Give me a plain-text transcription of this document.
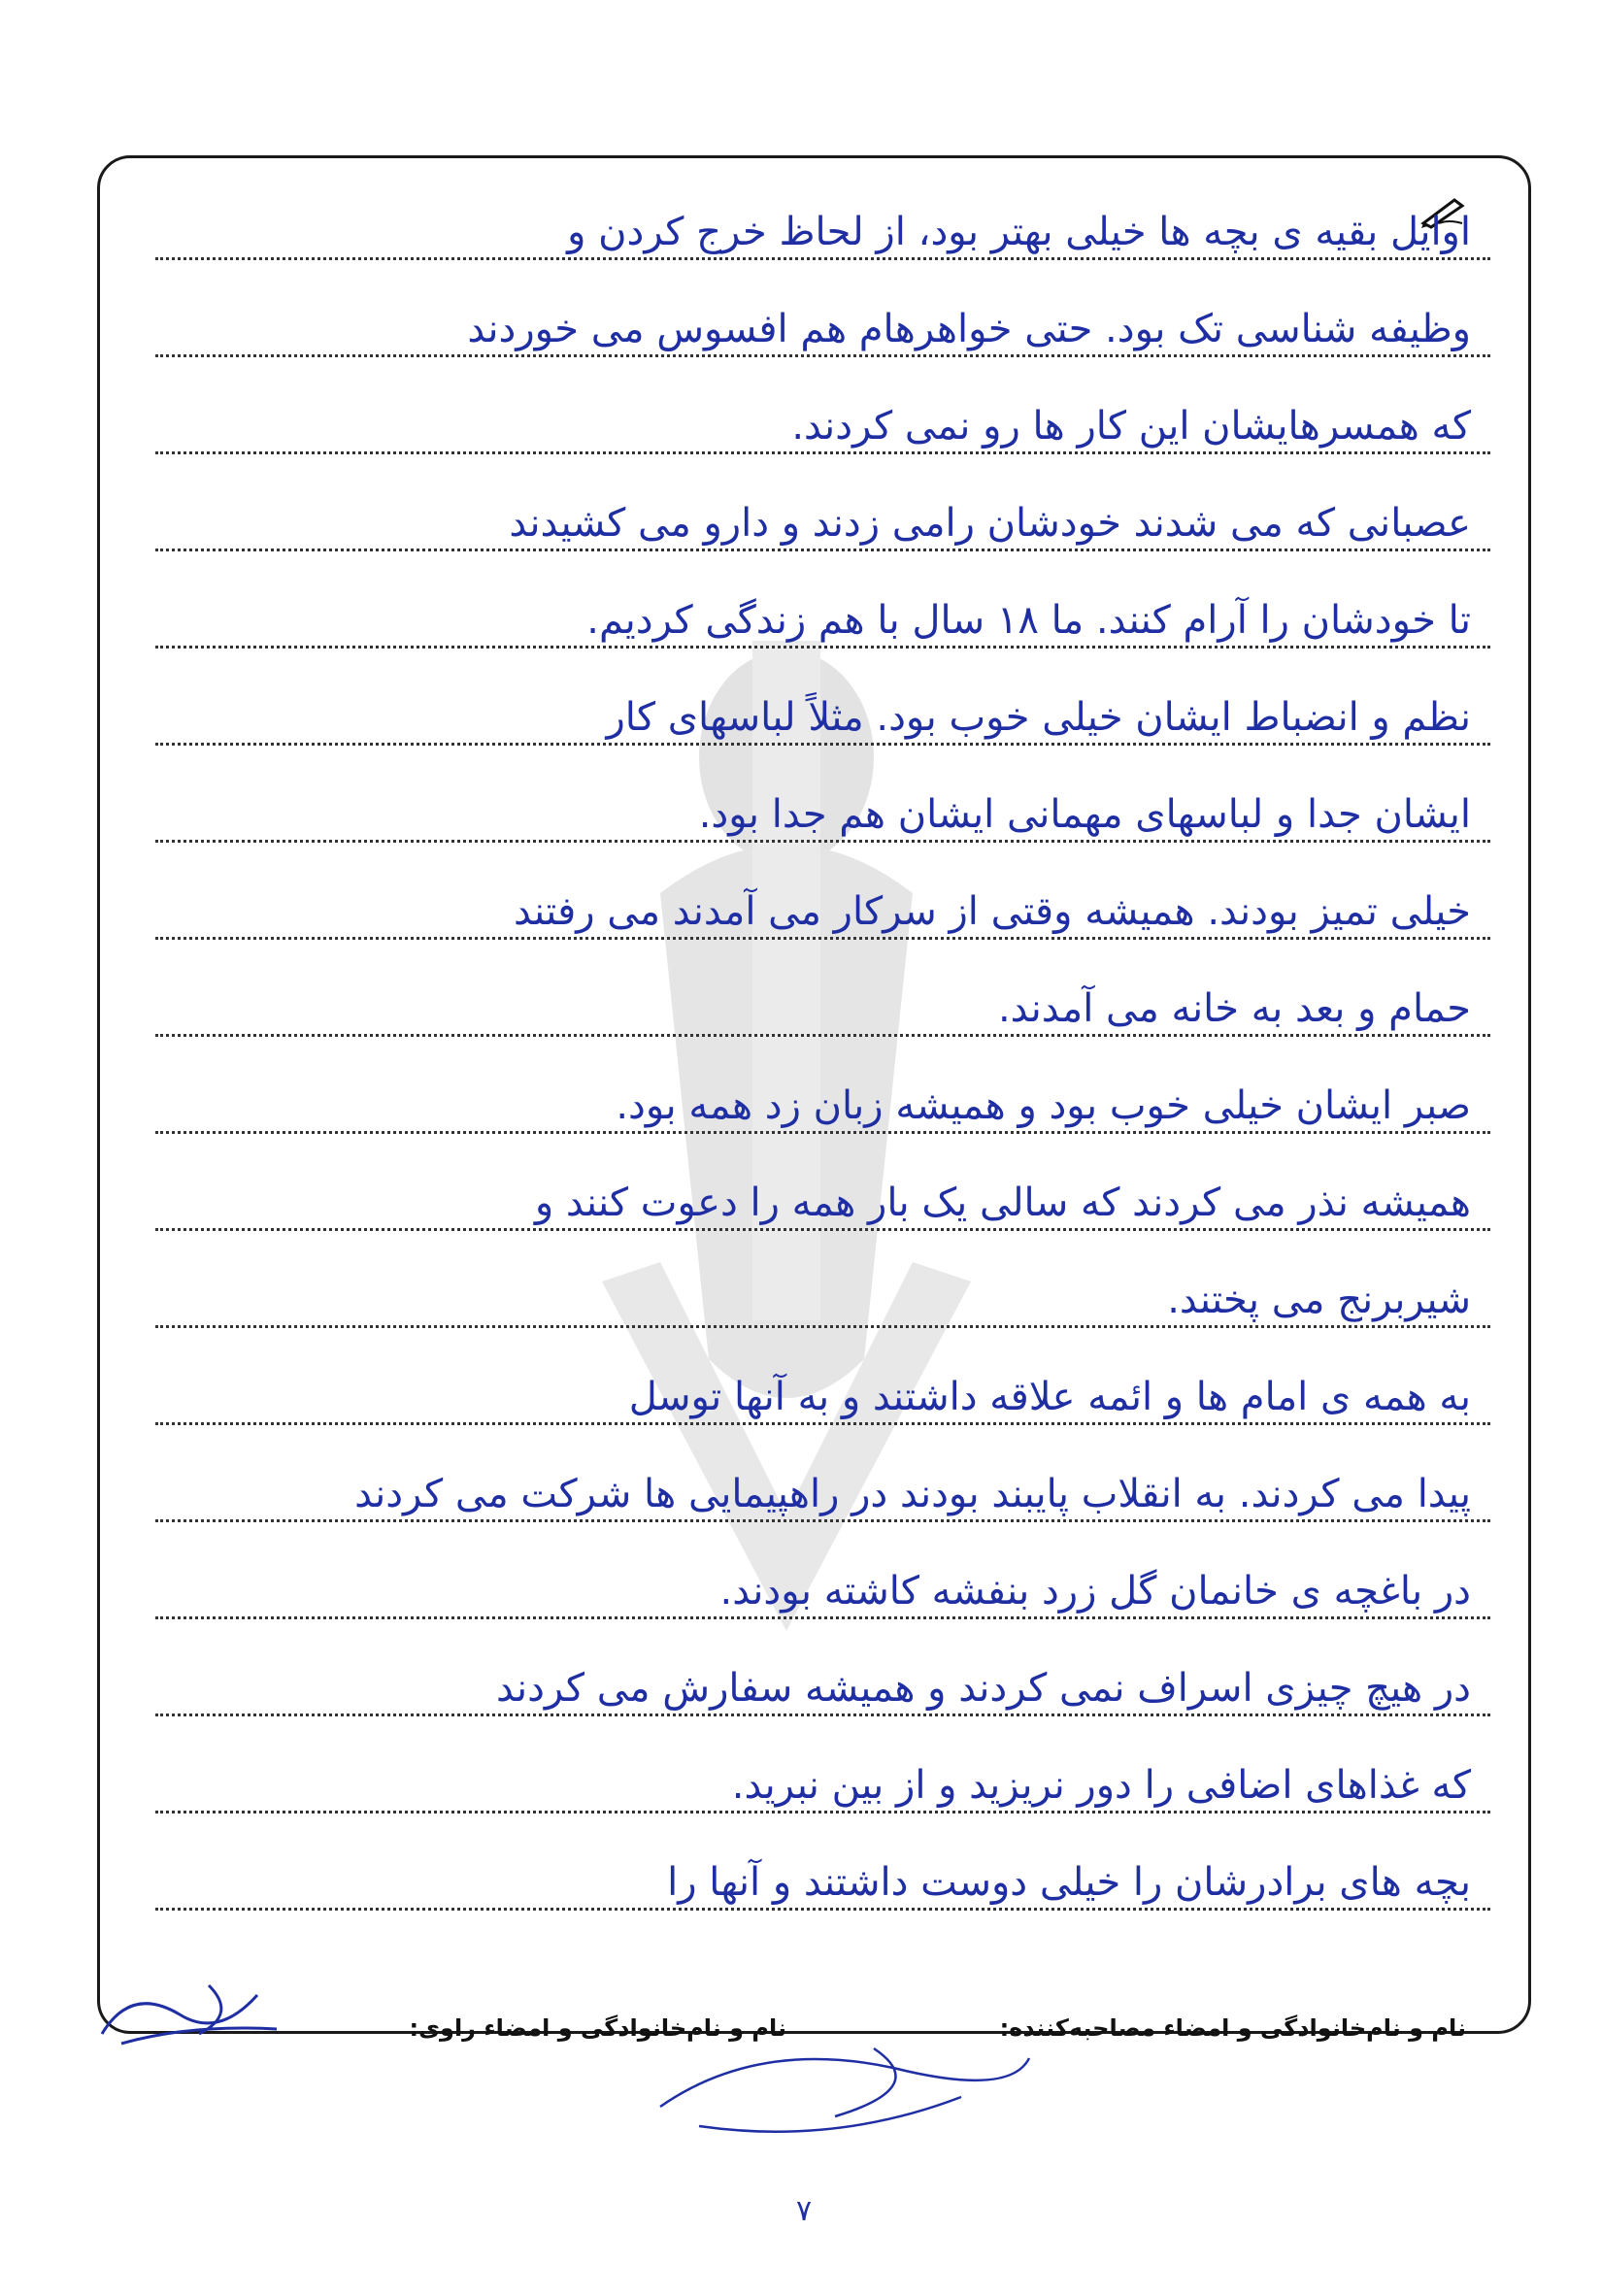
اوایل بقیه ی بچه ها خیلی بهتر بود، از لحاظ خرج کردن و
وظیفه شناسی تک بود. حتی خواهرهام هم افسوس می خوردند
که همسرهایشان این کار ها رو نمی کردند.
عصبانی که می شدند خودشان رامی زدند و دارو می کشیدند
تا خودشان را آرام کنند. ما ۱۸ سال با هم زندگی کردیم.
نظم و انضباط ایشان خیلی خوب بود. مثلاً لباسهای کار
ایشان جدا و لباسهای مهمانی ایشان هم جدا بود.
خیلی تمیز بودند. همیشه وقتی از سرکار می آمدند می رفتند
حمام و بعد به خانه می آمدند.
صبر ایشان خیلی خوب بود و همیشه زبان زد همه بود.
همیشه نذر می کردند که سالی یک بار همه را دعوت کنند و
شیربرنج می پختند.
به همه ی امام ها و ائمه علاقه داشتند و به آنها توسل
پیدا می کردند. به انقلاب پایبند بودند در راهپیمایی ها شرکت می کردند
در باغچه ی خانمان گل زرد بنفشه کاشته بودند.
در هیچ چیزی اسراف نمی کردند و همیشه سفارش می کردند
که غذاهای اضافی را دور نریزید و از بین نبرید.
بچه های برادرشان را خیلی دوست داشتند و آنها را
نام و نام‌خانوادگی و امضاء مصاحبه‌کننده:
نام و نام‌خانوادگی و امضاء راوی:
۷
